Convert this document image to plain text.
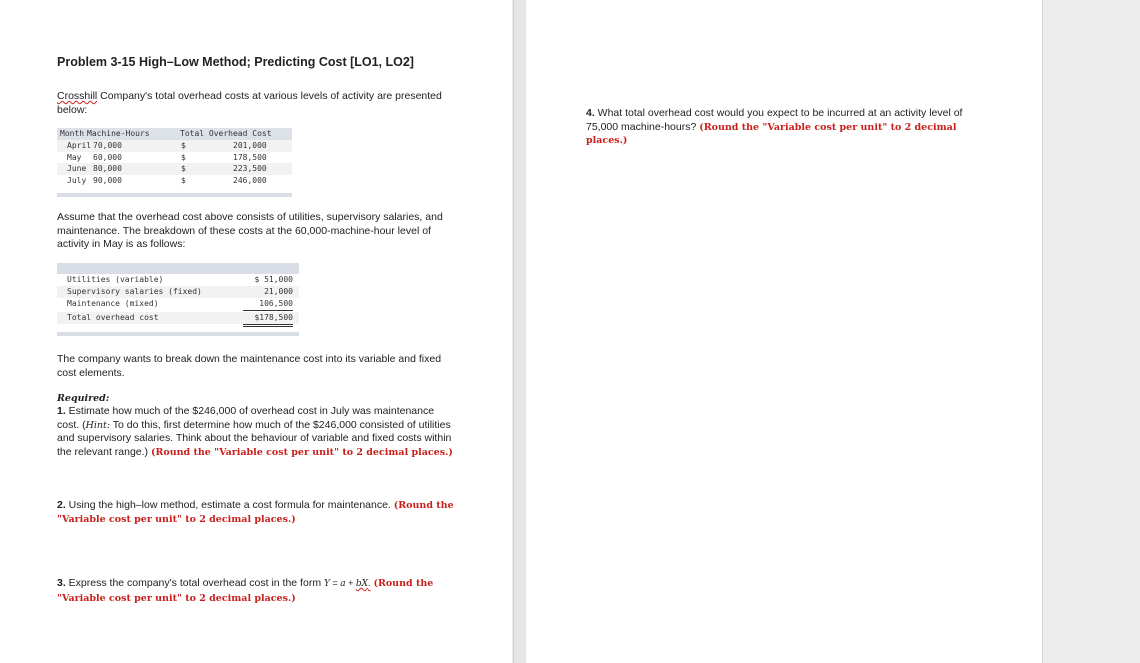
Problem 3-15 High–Low Method; Predicting Cost [LO1, LO2]
Crosshill Company's total overhead costs at various levels of activity are presented below:
Month Machine-Hours	Total Overhead Cost
April 70,000	$	201,000
May 60,000	$	178,500
June 80,000	$	223,500
July 90,000	$	246,000
Assume that the overhead cost above consists of utilities, supervisory salaries, and maintenance. The breakdown of these costs at the 60,000-machine-hour level of activity in May is as follows:
Utilities (variable)	$ 51,000
Supervisory salaries (fixed)	21,000
Maintenance (mixed)	106,500
Total overhead cost	$178,500
The company wants to break down the maintenance cost into its variable and fixed cost elements.
Required:
1. Estimate how much of the $246,000 of overhead cost in July was maintenance cost. (Hint: To do this, first determine how much of the $246,000 consisted of utilities and supervisory salaries. Think about the behaviour of variable and fixed costs within the relevant range.) (Round the "Variable cost per unit" to 2 decimal places.)
2. Using the high–low method, estimate a cost formula for maintenance. (Round the "Variable cost per unit" to 2 decimal places.)
3. Express the company's total overhead cost in the form Y = a + bX. (Round the "Variable cost per unit" to 2 decimal places.)
4. What total overhead cost would you expect to be incurred at an activity level of 75,000 machine-hours? (Round the "Variable cost per unit" to 2 decimal places.)
